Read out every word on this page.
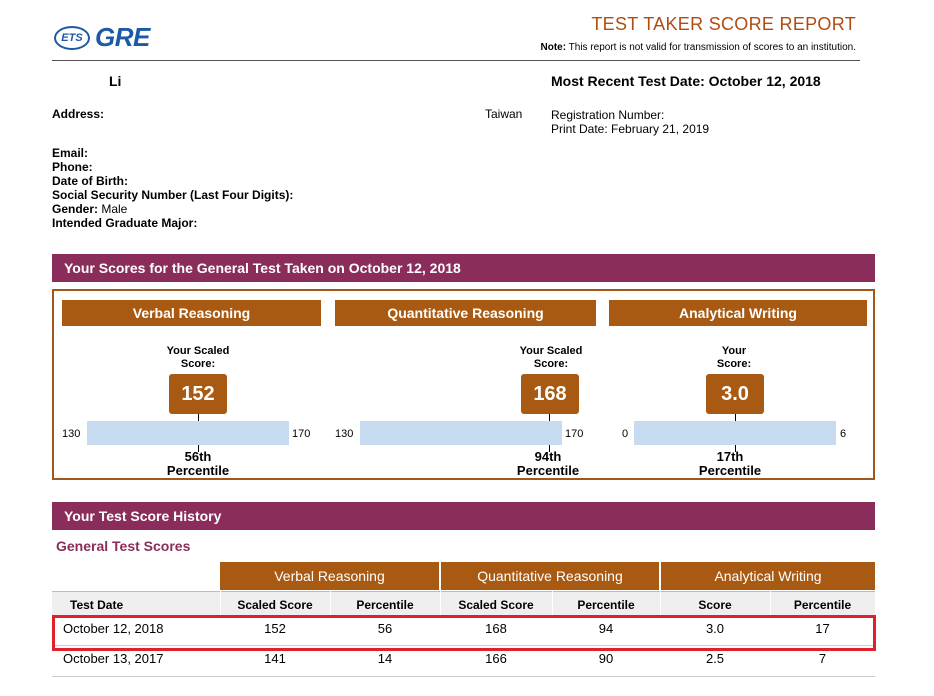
ETS GRE	TEST TAKER SCORE REPORT
Note: This report is not valid for transmission of scores to an institution.
Li	Most Recent Test Date: October 12, 2018
Address:	Taiwan Registration Number:
Print Date: February 21, 2019
Email:
Phone:
Date of Birth:
Social Security Number (Last Four Digits):
Gender: Male
Intended Graduate Major:
Your Scores for the General Test Taken on October 12, 2018
Verbal Reasoning
Your Scaled
Score:
152
130	170
56th
Percentile
Quantitative Reasoning
Your Scaled
Score:
168
130	170
94th
Percentile
Analytical Writing
Your
Score:
3.0
0	6
17th
Percentile
Your Test Score History
General Test Scores
Verbal Reasoning	Quantitative Reasoning	Analytical Writing
Test Date	Scaled Score	Percentile	Scaled Score	Percentile	Score	Percentile
October 12, 2018	152	56	168	94	3.0	17
October 13, 2017	141	14	166	90	2.5	7
